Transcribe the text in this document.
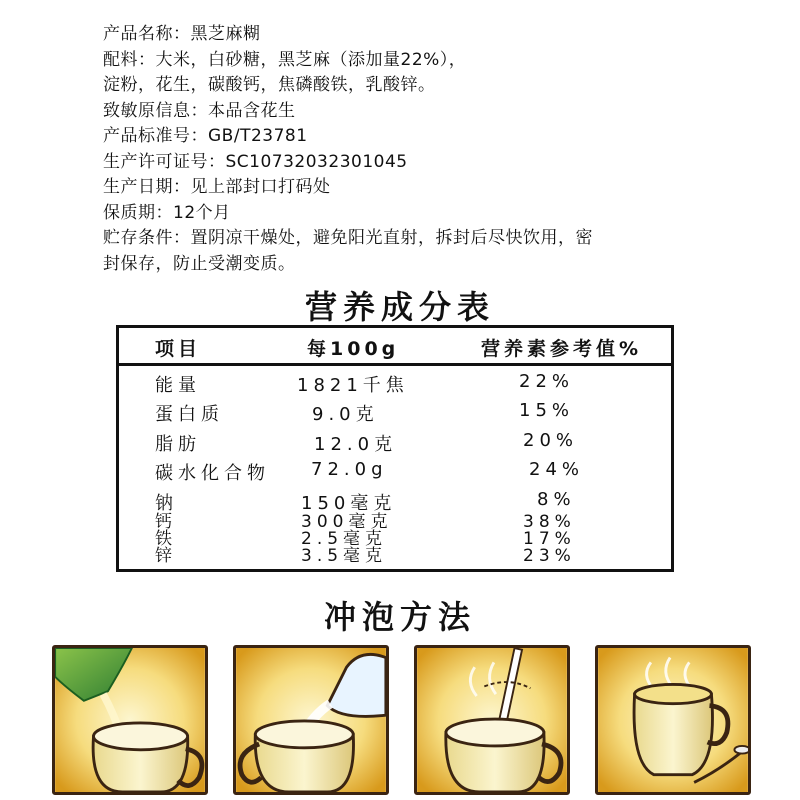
产品名称：黑芝麻糊
配料：大米，白砂糖，黑芝麻（添加量22%），
淀粉，花生，碳酸钙，焦磷酸铁，乳酸锌。
致敏原信息：本品含花生
产品标准号：GB/T23781
生产许可证号：SC10732032301045
生产日期：见上部封口打码处
保质期：12个月
贮存条件：置阴凉干燥处，避免阳光直射，拆封后尽快饮用，密
封保存，防止受潮变质。
营养成分表
项目	每100g	营养素参考值%
能量	1821千焦	22%
蛋白质	9.0克	15%
脂肪	12.0克	20%
碳水化合物 72.0g	24%
钠	150毫克	8%
钙	300毫克	38%
铁	2.5毫克	17%
锌	3.5毫克	23%
冲泡方法
